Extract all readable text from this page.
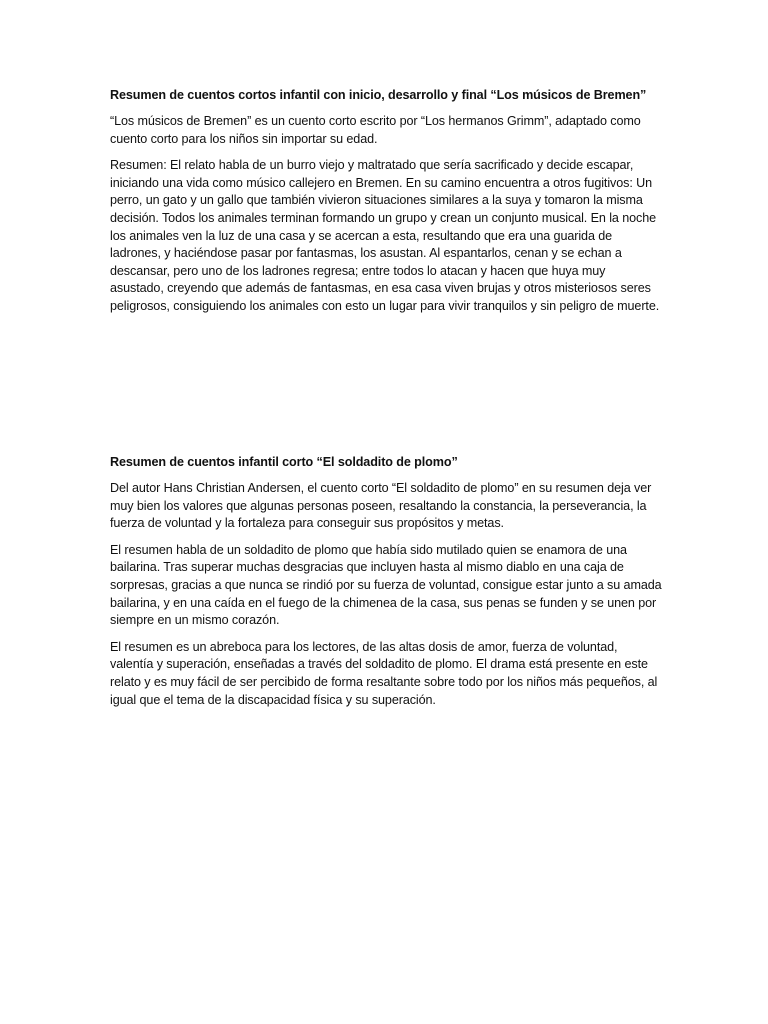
Resumen de cuentos cortos infantil con inicio, desarrollo y final “Los músicos de Bremen”

“Los músicos de Bremen” es un cuento corto escrito por “Los hermanos Grimm”, adaptado como cuento corto para los niños sin importar su edad.

Resumen: El relato habla de un burro viejo y maltratado que sería sacrificado y decide escapar, iniciando una vida como músico callejero en Bremen. En su camino encuentra a otros fugitivos: Un perro, un gato y un gallo que también vivieron situaciones similares a la suya y tomaron la misma decisión. Todos los animales terminan formando un grupo y crean un conjunto musical. En la noche los animales ven la luz de una casa y se acercan a esta, resultando que era una guarida de ladrones, y haciéndose pasar por fantasmas, los asustan. Al espantarlos, cenan y se echan a descansar, pero uno de los ladrones regresa; entre todos lo atacan y hacen que huya muy asustado, creyendo que además de fantasmas, en esa casa viven brujas y otros misteriosos seres peligrosos, consiguiendo los animales con esto un lugar para vivir tranquilos y sin peligro de muerte.

Resumen de cuentos infantil corto “El soldadito de plomo”

Del autor Hans Christian Andersen, el cuento corto “El soldadito de plomo” en su resumen deja ver muy bien los valores que algunas personas poseen, resaltando la constancia, la perseverancia, la fuerza de voluntad y la fortaleza para conseguir sus propósitos y metas.

El resumen habla de un soldadito de plomo que había sido mutilado quien se enamora de una bailarina. Tras superar muchas desgracias que incluyen hasta al mismo diablo en una caja de sorpresas, gracias a que nunca se rindió por su fuerza de voluntad, consigue estar junto a su amada bailarina, y en una caída en el fuego de la chimenea de la casa, sus penas se funden y se unen por siempre en un mismo corazón.

El resumen es un abreboca para los lectores, de las altas dosis de amor, fuerza de voluntad, valentía y superación, enseñadas a través del soldadito de plomo. El drama está presente en este relato y es muy fácil de ser percibido de forma resaltante sobre todo por los niños más pequeños, al igual que el tema de la discapacidad física y su superación.
